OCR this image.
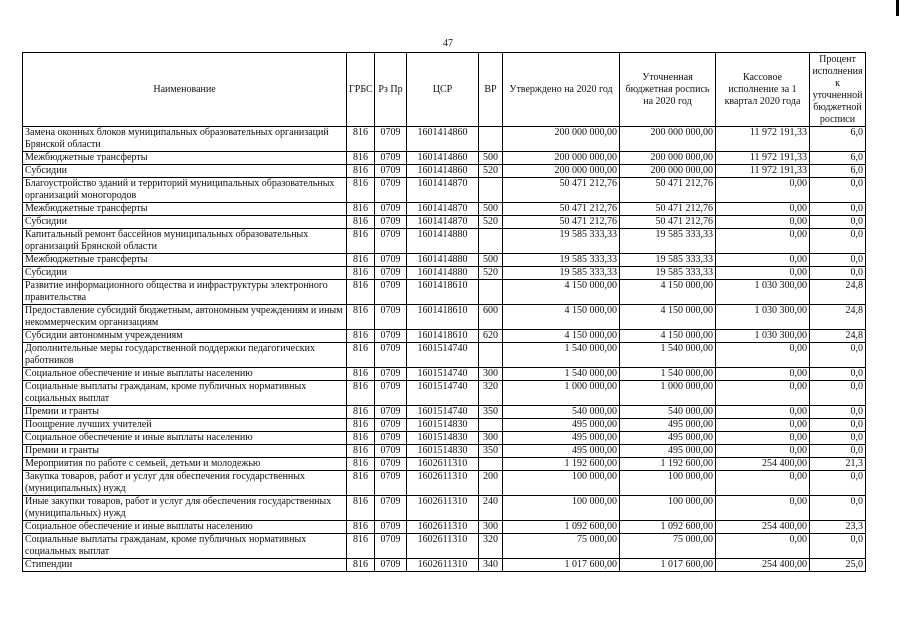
47
Наименование	ГРБС	Рз Пр	ЦСР	ВР	Утверждено на 2020 год	Уточненная бюджетная роспись на 2020 год	Кассовое исполнение за 1 квартал 2020 года	Процент исполнения к уточненной бюджетной росписи
Замена оконных блоков муниципальных образовательных организаций Брянской области	816	0709	1601414860		200 000 000,00	200 000 000,00	11 972 191,33	6,0
Межбюджетные трансферты	816	0709	1601414860	500	200 000 000,00	200 000 000,00	11 972 191,33	6,0
Субсидии	816	0709	1601414860	520	200 000 000,00	200 000 000,00	11 972 191,33	6,0
Благоустройство зданий и территорий муниципальных образовательных организаций моногородов	816	0709	1601414870		50 471 212,76	50 471 212,76	0,00	0,0
Межбюджетные трансферты	816	0709	1601414870	500	50 471 212,76	50 471 212,76	0,00	0,0
Субсидии	816	0709	1601414870	520	50 471 212,76	50 471 212,76	0,00	0,0
Капитальный ремонт бассейнов муниципальных образовательных организаций Брянской области	816	0709	1601414880		19 585 333,33	19 585 333,33	0,00	0,0
Межбюджетные трансферты	816	0709	1601414880	500	19 585 333,33	19 585 333,33	0,00	0,0
Субсидии	816	0709	1601414880	520	19 585 333,33	19 585 333,33	0,00	0,0
Развитие информационного общества и инфраструктуры электронного правительства	816	0709	1601418610		4 150 000,00	4 150 000,00	1 030 300,00	24,8
Предоставление субсидий бюджетным, автономным учреждениям и иным некоммерческим организациям	816	0709	1601418610	600	4 150 000,00	4 150 000,00	1 030 300,00	24,8
Субсидии автономным учреждениям	816	0709	1601418610	620	4 150 000,00	4 150 000,00	1 030 300,00	24,8
Дополнительные меры государственной поддержки педагогических работников	816	0709	1601514740		1 540 000,00	1 540 000,00	0,00	0,0
Социальное обеспечение и иные выплаты населению	816	0709	1601514740	300	1 540 000,00	1 540 000,00	0,00	0,0
Социальные выплаты гражданам, кроме публичных нормативных социальных выплат	816	0709	1601514740	320	1 000 000,00	1 000 000,00	0,00	0,0
Премии и гранты	816	0709	1601514740	350	540 000,00	540 000,00	0,00	0,0
Поощрение лучших учителей	816	0709	1601514830		495 000,00	495 000,00	0,00	0,0
Социальное обеспечение и иные выплаты населению	816	0709	1601514830	300	495 000,00	495 000,00	0,00	0,0
Премии и гранты	816	0709	1601514830	350	495 000,00	495 000,00	0,00	0,0
Мероприятия по работе с семьей, детьми и молодежью	816	0709	1602611310		1 192 600,00	1 192 600,00	254 400,00	21,3
Закупка товаров, работ и услуг для обеспечения государственных (муниципальных) нужд	816	0709	1602611310	200	100 000,00	100 000,00	0,00	0,0
Иные закупки товаров, работ и услуг для обеспечения государственных (муниципальных) нужд	816	0709	1602611310	240	100 000,00	100 000,00	0,00	0,0
Социальное обеспечение и иные выплаты населению	816	0709	1602611310	300	1 092 600,00	1 092 600,00	254 400,00	23,3
Социальные выплаты гражданам, кроме публичных нормативных социальных выплат	816	0709	1602611310	320	75 000,00	75 000,00	0,00	0,0
Стипендии	816	0709	1602611310	340	1 017 600,00	1 017 600,00	254 400,00	25,0
